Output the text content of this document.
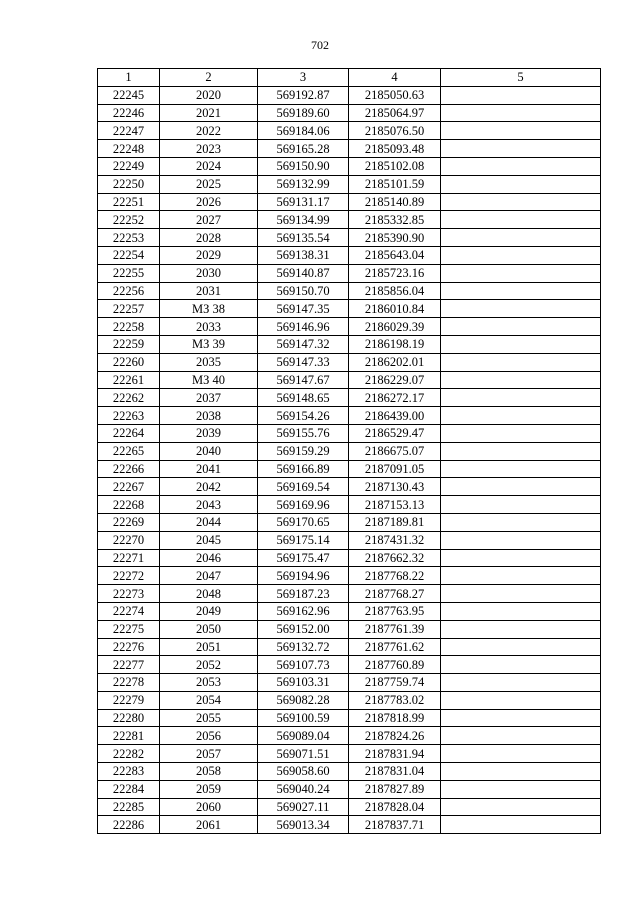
702
1	2	3	4	5
22245	2020	569192.87	2185050.63	
22246	2021	569189.60	2185064.97	
22247	2022	569184.06	2185076.50	
22248	2023	569165.28	2185093.48	
22249	2024	569150.90	2185102.08	
22250	2025	569132.99	2185101.59	
22251	2026	569131.17	2185140.89	
22252	2027	569134.99	2185332.85	
22253	2028	569135.54	2185390.90	
22254	2029	569138.31	2185643.04	
22255	2030	569140.87	2185723.16	
22256	2031	569150.70	2185856.04	
22257	МЗ 38	569147.35	2186010.84	
22258	2033	569146.96	2186029.39	
22259	МЗ 39	569147.32	2186198.19	
22260	2035	569147.33	2186202.01	
22261	МЗ 40	569147.67	2186229.07	
22262	2037	569148.65	2186272.17	
22263	2038	569154.26	2186439.00	
22264	2039	569155.76	2186529.47	
22265	2040	569159.29	2186675.07	
22266	2041	569166.89	2187091.05	
22267	2042	569169.54	2187130.43	
22268	2043	569169.96	2187153.13	
22269	2044	569170.65	2187189.81	
22270	2045	569175.14	2187431.32	
22271	2046	569175.47	2187662.32	
22272	2047	569194.96	2187768.22	
22273	2048	569187.23	2187768.27	
22274	2049	569162.96	2187763.95	
22275	2050	569152.00	2187761.39	
22276	2051	569132.72	2187761.62	
22277	2052	569107.73	2187760.89	
22278	2053	569103.31	2187759.74	
22279	2054	569082.28	2187783.02	
22280	2055	569100.59	2187818.99	
22281	2056	569089.04	2187824.26	
22282	2057	569071.51	2187831.94	
22283	2058	569058.60	2187831.04	
22284	2059	569040.24	2187827.89	
22285	2060	569027.11	2187828.04	
22286	2061	569013.34	2187837.71	
